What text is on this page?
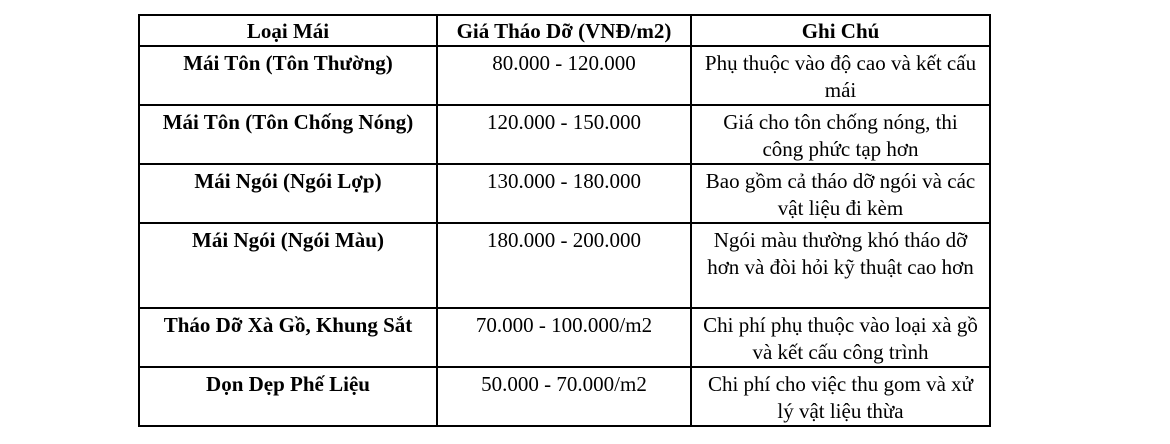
Loại Mái	Giá Tháo Dỡ (VNĐ/m2)	Ghi Chú
Mái Tôn (Tôn Thường)	80.000 - 120.000	Phụ thuộc vào độ cao và kết cấu mái
Mái Tôn (Tôn Chống Nóng)	120.000 - 150.000	Giá cho tôn chống nóng, thi công phức tạp hơn
Mái Ngói (Ngói Lợp)	130.000 - 180.000	Bao gồm cả tháo dỡ ngói và các vật liệu đi kèm
Mái Ngói (Ngói Màu)	180.000 - 200.000	Ngói màu thường khó tháo dỡ hơn và đòi hỏi kỹ thuật cao hơn
Tháo Dỡ Xà Gồ, Khung Sắt	70.000 - 100.000/m2	Chi phí phụ thuộc vào loại xà gồ và kết cấu công trình
Dọn Dẹp Phế Liệu	50.000 - 70.000/m2	Chi phí cho việc thu gom và xử lý vật liệu thừa
